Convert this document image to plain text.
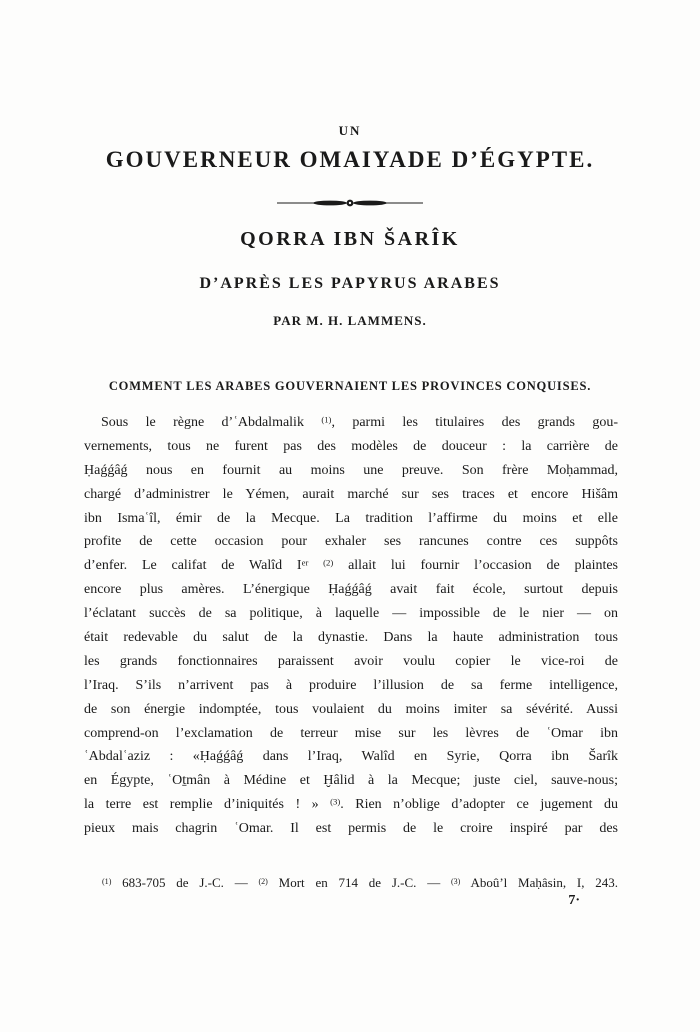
UN
GOUVERNEUR OMAIYADE D’ÉGYPTE.
QORRA IBN ŠARÎK
D’APRÈS LES PAPYRUS ARABES
PAR M. H. LAMMENS.
COMMENT LES ARABES GOUVERNAIENT LES PROVINCES CONQUISES.
Sous le règne d’ʿAbdalmalik $^{(1)}$, parmi les titulaires des grands gou-
vernements, tous ne furent pas des modèles de douceur : la carrière de
Ḥaǵǵâǵ nous en fournit au moins une preuve. Son frère Moḥammad,
chargé d’administrer le Yémen, aurait marché sur ses traces et encore Hišâm
ibn Ismaʿîl, émir de la Mecque. La tradition l’affirme du moins et elle
profite de cette occasion pour exhaler ses rancunes contre ces suppôts
d’enfer. Le califat de Walîd Ier $^{(2)}$ allait lui fournir l’occasion de plaintes
encore plus amères. L’énergique Ḥaǵǵâǵ avait fait école, surtout depuis
l’éclatant succès de sa politique, à laquelle — impossible de le nier — on
était redevable du salut de la dynastie. Dans la haute administration tous
les grands fonctionnaires paraissent avoir voulu copier le vice-roi de
l’Iraq. S’ils n’arrivent pas à produire l’illusion de sa ferme intelligence,
de son énergie indomptée, tous voulaient du moins imiter sa sévérité. Aussi
comprend-on l’exclamation de terreur mise sur les lèvres de ʿOmar ibn
ʿAbdalʿaziz : «Ḥaǵǵâǵ dans l’Iraq, Walîd en Syrie, Qorra ibn Šarîk
en Égypte, ʿOṯmân à Médine et Ḫâlid à la Mecque; juste ciel, sauve-nous;
la terre est remplie d’iniquités ! » $^{(3)}$. Rien n’oblige d’adopter ce jugement du
pieux mais chagrin ʿOmar. Il est permis de le croire inspiré par des
$^{(1)}$ 683-705 de J.-C. — $^{(2)}$ Mort en 714 de J.-C. — $^{(3)}$ Aboû’l Maḥâsin, I, 243.
7·
